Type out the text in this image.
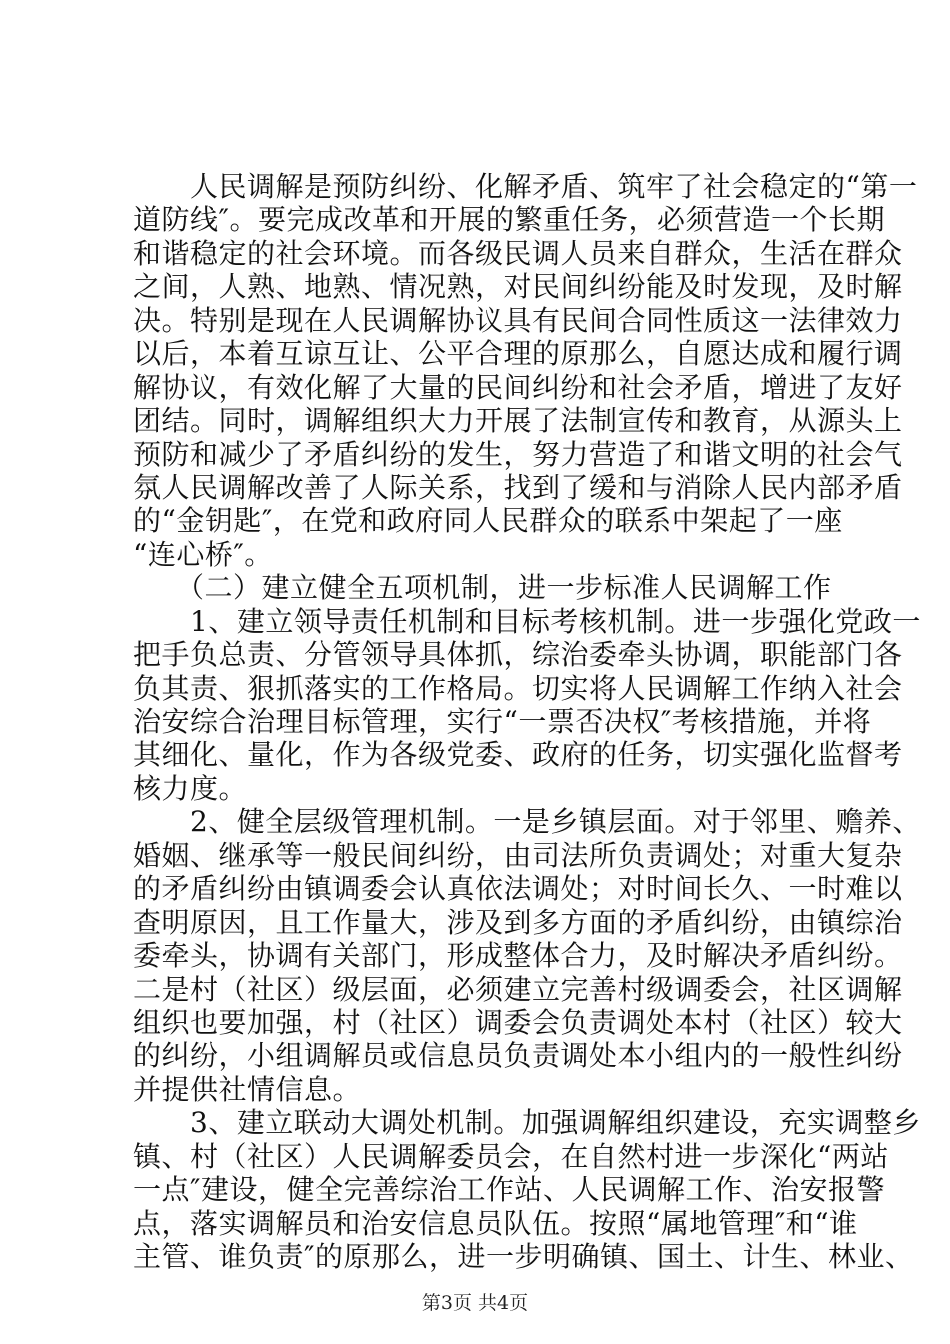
　　人民调解是预防纠纷、化解矛盾、筑牢了社会稳定的“第一
道防线″。要完成改革和开展的繁重任务，必须营造一个长期
和谐稳定的社会环境。而各级民调人员来自群众，生活在群众
之间，人熟、地熟、情况熟，对民间纠纷能及时发现，及时解
决。特别是现在人民调解协议具有民间合同性质这一法律效力
以后，本着互谅互让、公平合理的原那么，自愿达成和履行调
解协议，有效化解了大量的民间纠纷和社会矛盾，增进了友好
团结。同时，调解组织大力开展了法制宣传和教育，从源头上
预防和减少了矛盾纠纷的发生，努力营造了和谐文明的社会气
氛人民调解改善了人际关系，找到了缓和与消除人民内部矛盾
的“金钥匙″，在党和政府同人民群众的联系中架起了一座
“连心桥″。
　　（二）建立健全五项机制，进一步标准人民调解工作
　　1、建立领导责任机制和目标考核机制。进一步强化党政一
把手负总责、分管领导具体抓，综治委牵头协调，职能部门各
负其责、狠抓落实的工作格局。切实将人民调解工作纳入社会
治安综合治理目标管理，实行“一票否决权″考核措施，并将
其细化、量化，作为各级党委、政府的任务，切实强化监督考
核力度。
　　2、健全层级管理机制。一是乡镇层面。对于邻里、赡养、
婚姻、继承等一般民间纠纷，由司法所负责调处；对重大复杂
的矛盾纠纷由镇调委会认真依法调处；对时间长久、一时难以
查明原因，且工作量大，涉及到多方面的矛盾纠纷，由镇综治
委牵头，协调有关部门，形成整体合力，及时解决矛盾纠纷。
二是村（社区）级层面，必须建立完善村级调委会，社区调解
组织也要加强，村（社区）调委会负责调处本村（社区）较大
的纠纷，小组调解员或信息员负责调处本小组内的一般性纠纷
并提供社情信息。
　　3、建立联动大调处机制。加强调解组织建设，充实调整乡
镇、村（社区）人民调解委员会，在自然村进一步深化“两站
一点″建设，健全完善综治工作站、人民调解工作、治安报警
点，落实调解员和治安信息员队伍。按照“属地管理″和“谁
主管、谁负责″的原那么，进一步明确镇、国土、计生、林业、
第3页 共4页
